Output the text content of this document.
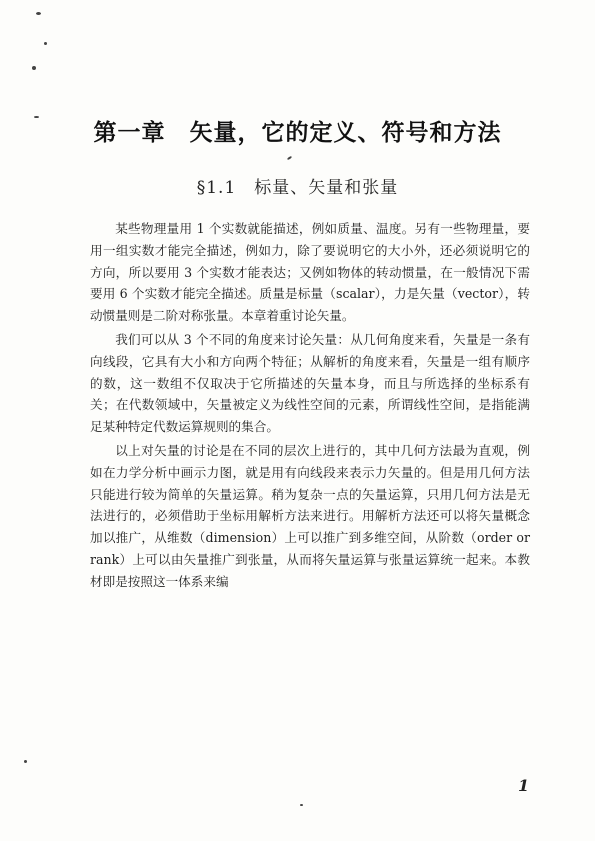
第一章　矢量，它的定义、符号和方法
§1.1　标量、矢量和张量

某些物理量用 1 个实数就能描述，例如质量、温度。另有一些物理量，要用一组实数才能完全描述，例如力，除了要说明它的大小外，还必须说明它的方向，所以要用 3 个实数才能表达；又例如物体的转动惯量，在一般情况下需要用 6 个实数才能完全描述。质量是标量（scalar），力是矢量（vector），转动惯量则是二阶对称张量。本章着重讨论矢量。

我们可以从 3 个不同的角度来讨论矢量：从几何角度来看，矢量是一条有向线段，它具有大小和方向两个特征；从解析的角度来看，矢量是一组有顺序的数，这一数组不仅取决于它所描述的矢量本身，而且与所选择的坐标系有关；在代数领域中，矢量被定义为线性空间的元素，所谓线性空间，是指能满足某种特定代数运算规则的集合。

以上对矢量的讨论是在不同的层次上进行的，其中几何方法最为直观，例如在力学分析中画示力图，就是用有向线段来表示力矢量的。但是用几何方法只能进行较为简单的矢量运算。稍为复杂一点的矢量运算，只用几何方法是无法进行的，必须借助于坐标用解析方法来进行。用解析方法还可以将矢量概念加以推广，从维数（dimension）上可以推广到多维空间，从阶数（order or rank）上可以由矢量推广到张量，从而将矢量运算与张量运算统一起来。本教材即是按照这一体系来编

1
